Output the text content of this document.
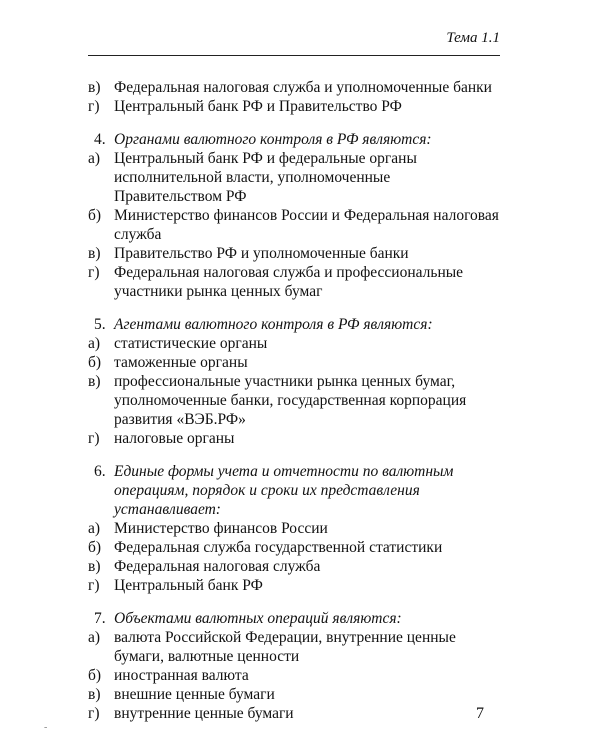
Тема 1.1
в) Федеральная налоговая служба и уполномоченные банки
г) Центральный банк РФ и Правительство РФ
4. Органами валютного контроля в РФ являются:
а) Центральный банк РФ и федеральные органы исполнительной власти, уполномоченные Правительством РФ
б) Министерство финансов России и Федеральная налоговая служба
в) Правительство РФ и уполномоченные банки
г) Федеральная налоговая служба и профессиональные участники рынка ценных бумаг
5. Агентами валютного контроля в РФ являются:
а) статистические органы
б) таможенные органы
в) профессиональные участники рынка ценных бумаг, уполномоченные банки, государственная корпорация развития «ВЭБ.РФ»
г) налоговые органы
6. Единые формы учета и отчетности по валютным операциям, порядок и сроки их представления устанавливает:
а) Министерство финансов России
б) Федеральная служба государственной статистики
в) Федеральная налоговая служба
г) Центральный банк РФ
7. Объектами валютных операций являются:
а) валюта Российской Федерации, внутренние ценные бумаги, валютные ценности
б) иностранная валюта
в) внешние ценные бумаги
г) внутренние ценные бумаги
-
7
